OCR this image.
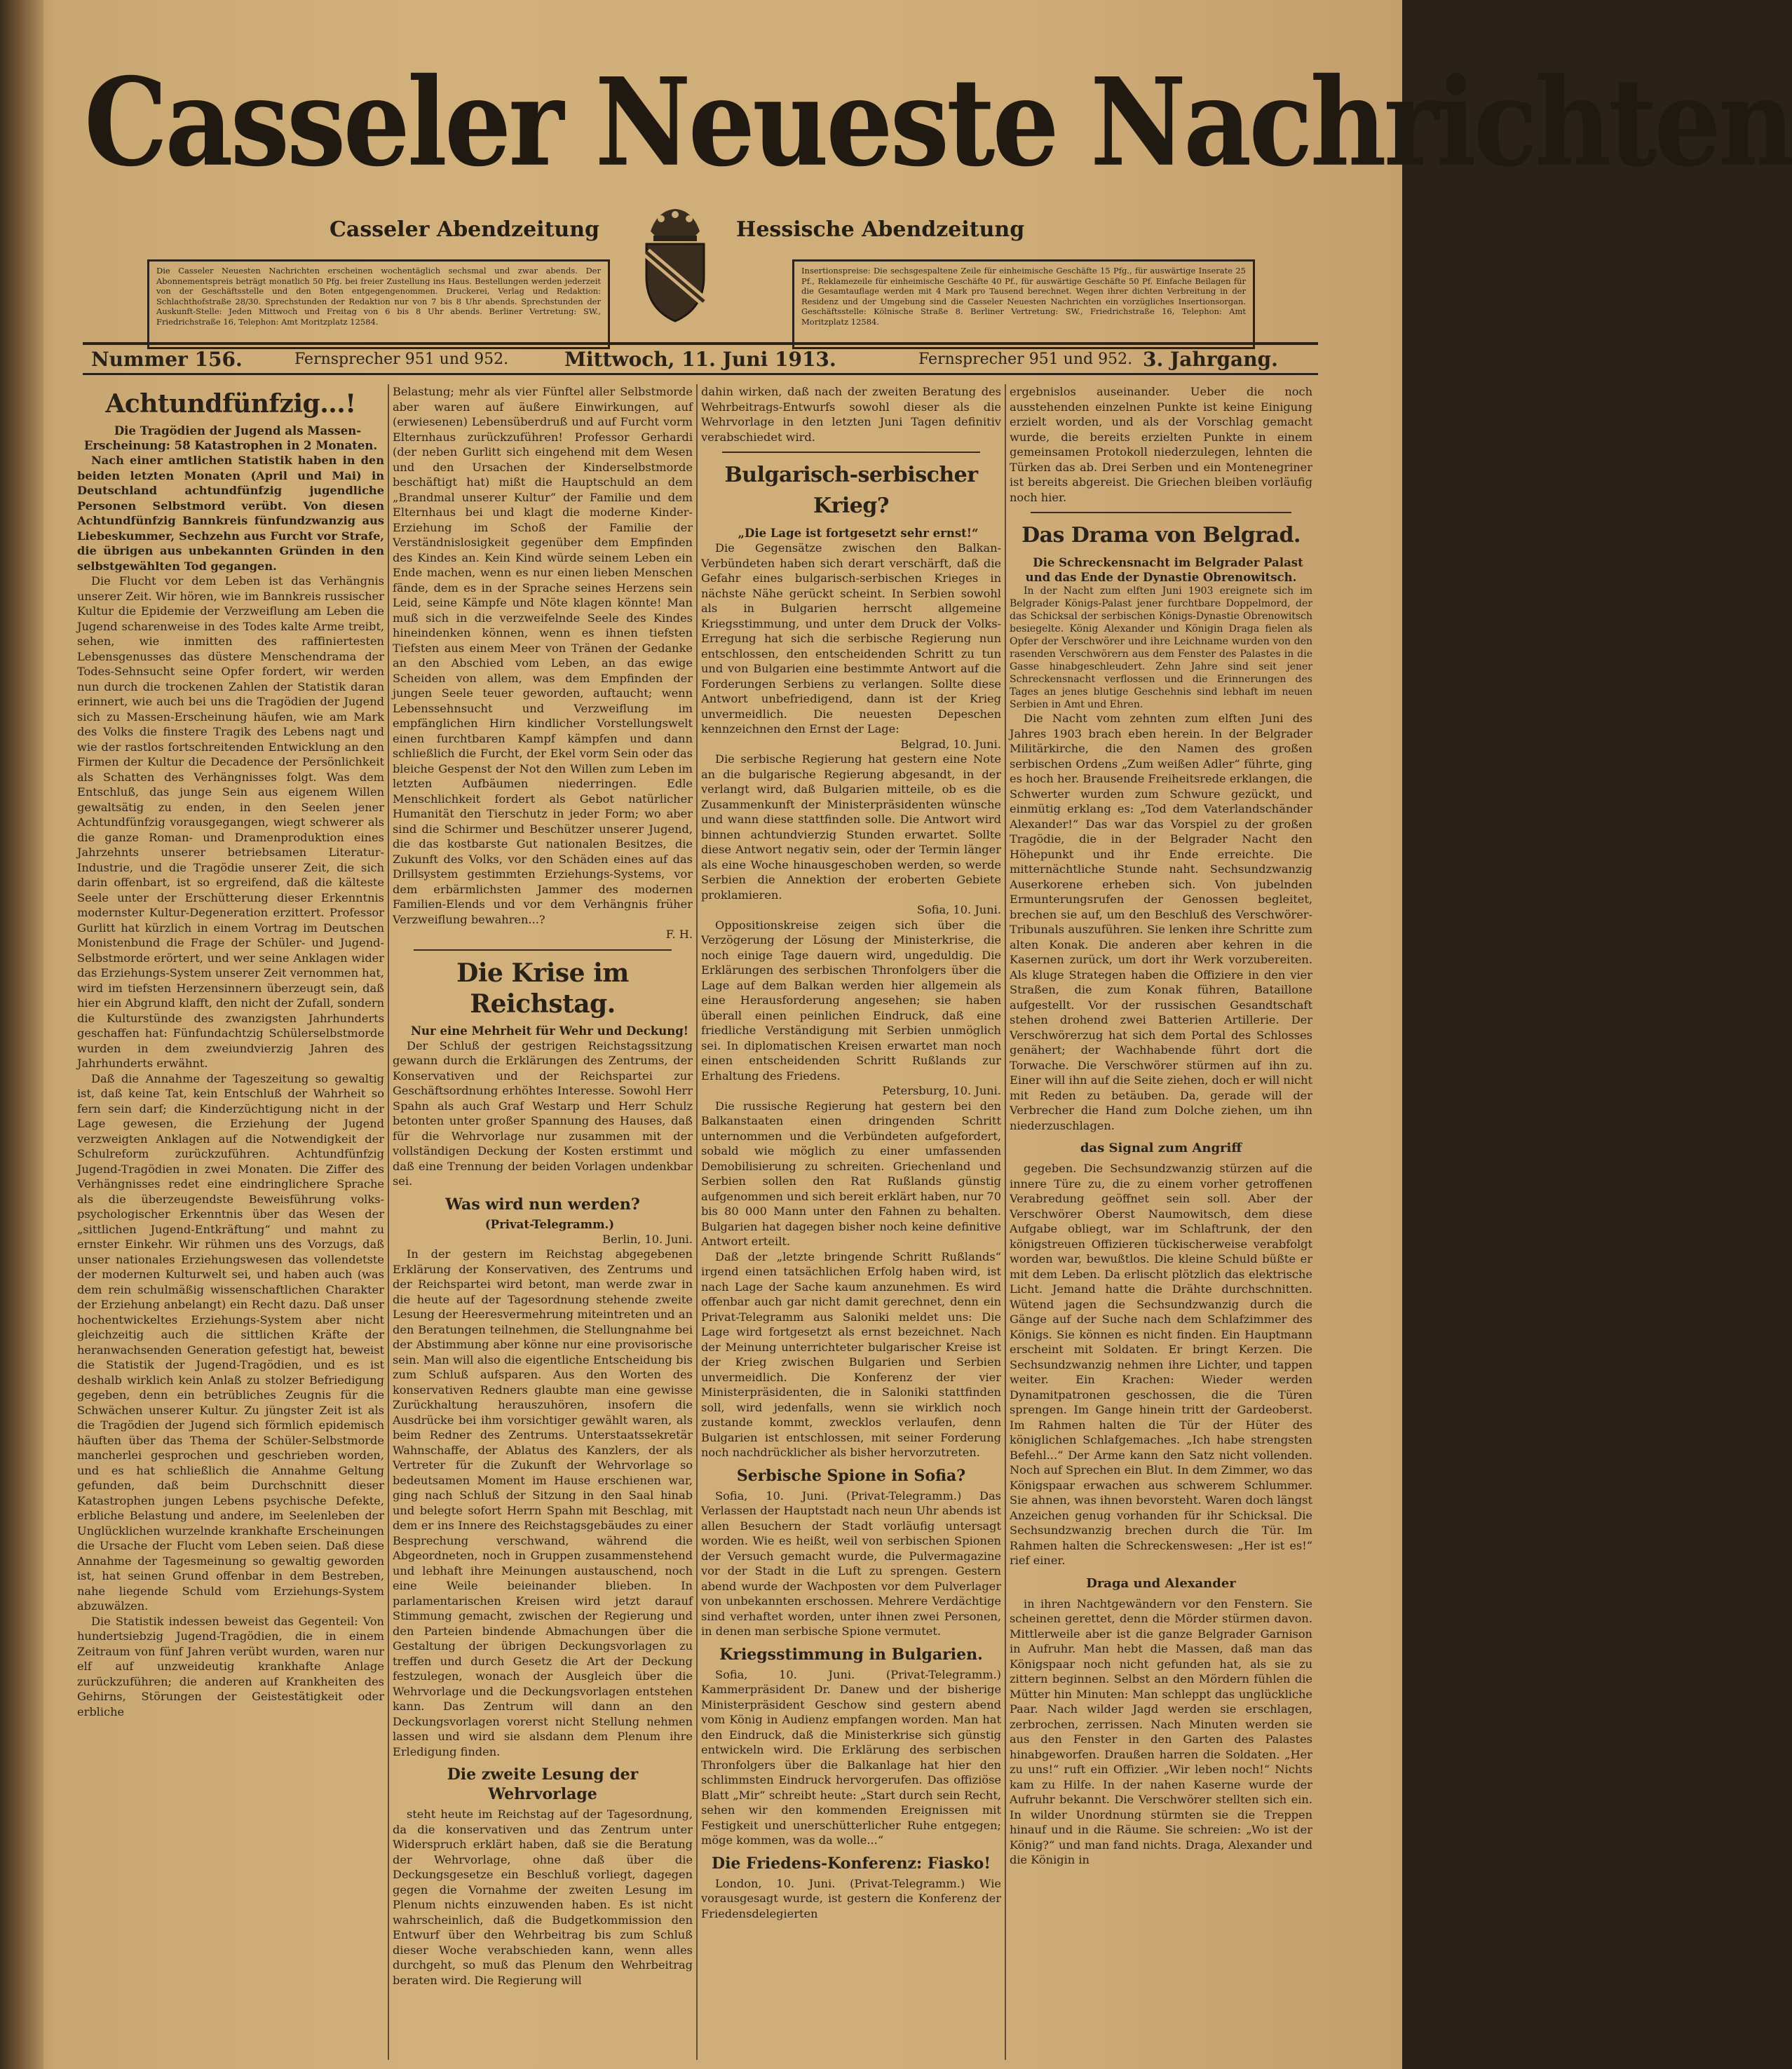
Casseler Neueste Nachrichten
Casseler Abendzeitung	Hessische Abendzeitung
Die Casseler Neuesten Nachrichten erscheinen wochentäglich sechsmal und zwar abends. Der Abonnementspreis beträgt monatlich 50 Pfg. bei freier Zustellung ins Haus. Bestellungen werden jederzeit von der Geschäftsstelle und den Boten entgegengenommen. Druckerei, Verlag und Redaktion: Schlachthofstraße 28/30. Sprechstunden der Redaktion nur von 7 bis 8 Uhr abends. Sprechstunden der Auskunft-Stelle: Jeden Mittwoch und Freitag von 6 bis 8 Uhr abends. Berliner Vertretung: SW., Friedrichstraße 16, Telephon: Amt Moritzplatz 12584.
Insertionspreise: Die sechsgespaltene Zeile für einheimische Geschäfte 15 Pfg., für auswärtige Inserate 25 Pf., Reklamezeile für einheimische Geschäfte 40 Pf., für auswärtige Geschäfte 50 Pf. Einfache Beilagen für die Gesamtauflage werden mit 4 Mark pro Tausend berechnet. Wegen ihrer dichten Verbreitung in der Residenz und der Umgebung sind die Casseler Neuesten Nachrichten ein vorzügliches Insertionsorgan. Geschäftsstelle: Kölnische Straße 8. Berliner Vertretung: SW., Friedrichstraße 16, Telephon: Amt Moritzplatz 12584.
Nummer 156.	Fernsprecher 951 und 952.	Mittwoch, 11. Juni 1913.	Fernsprecher 951 und 952. 3. Jahrgang.
Achtundfünfzig...!

Die Tragödien der Jugend als Massen-Erscheinung: 58 Katastrophen in 2 Monaten.

Nach einer amtlichen Statistik haben in den beiden letzten Monaten (April und Mai) in Deutschland achtundfünfzig jugendliche Personen Selbstmord verübt. Von diesen Achtundfünfzig Bannkreis fünfundzwanzig aus Liebeskummer, Sechzehn aus Furcht vor Strafe, die übrigen aus unbekannten Gründen in den selbstgewählten Tod gegangen.

Die Flucht vor dem Leben ist das Verhängnis unserer Zeit. Wir hören, wie im Bannkreis russischer Kultur die Epidemie der Verzweiflung am Leben die Jugend scharenweise in des Todes kalte Arme treibt, sehen, wie inmitten des raffiniertesten Lebensgenusses das düstere Menschendrama der Todes-Sehnsucht seine Opfer fordert, wir werden nun durch die trockenen Zahlen der Statistik daran erinnert, wie auch bei uns die Tragödien der Jugend sich zu Massen-Erscheinung häufen, wie am Mark des Volks die finstere Tragik des Lebens nagt und wie der rastlos fortschreitenden Entwicklung an den Firmen der Kultur die Decadence der Persönlichkeit als Schatten des Verhängnisses folgt. Was dem Entschluß, das junge Sein aus eigenem Willen gewaltsätig zu enden, in den Seelen jener Achtundfünfzig vorausgegangen, wiegt schwerer als die ganze Roman- und Dramenproduktion eines Jahrzehnts unserer betriebsamen Literatur-Industrie, und die Tragödie unserer Zeit, die sich darin offenbart, ist so ergreifend, daß die kälteste Seele unter der Erschütterung dieser Erkenntnis modernster Kultur-Degeneration erzittert. Professor Gurlitt hat kürzlich in einem Vortrag im Deutschen Monistenbund die Frage der Schüler- und Jugend-Selbstmorde erörtert, und wer seine Anklagen wider das Erziehungs-System unserer Zeit vernommen hat, wird im tiefsten Herzensinnern überzeugt sein, daß hier ein Abgrund klafft, den nicht der Zufall, sondern die Kulturstünde des zwanzigsten Jahrhunderts geschaffen hat: Fünfundachtzig Schülerselbstmorde wurden in dem zweiundvierzig Jahren des Jahrhunderts erwähnt.

Daß die Annahme der Tageszeitung so gewaltig ist, daß keine Tat, kein Entschluß der Wahrheit so fern sein darf; die Kinderzüchtigung nicht in der Lage gewesen, die Erziehung der Jugend verzweigten Anklagen auf die Notwendigkeit der Schulreform zurückzuführen. Achtundfünfzig Jugend-Tragödien in zwei Monaten. Die Ziffer des Verhängnisses redet eine eindringlichere Sprache als die überzeugendste Beweisführung volks-psychologischer Erkenntnis über das Wesen der „sittlichen Jugend-Entkräftung“ und mahnt zu ernster Einkehr. Wir rühmen uns des Vorzugs, daß unser nationales Erziehungswesen das vollendetste der modernen Kulturwelt sei, und haben auch (was dem rein schulmäßig wissenschaftlichen Charakter der Erziehung anbelangt) ein Recht dazu. Daß unser hochentwickeltes Erziehungs-System aber nicht gleichzeitig auch die sittlichen Kräfte der heranwachsenden Generation gefestigt hat, beweist die Statistik der Jugend-Tragödien, und es ist deshalb wirklich kein Anlaß zu stolzer Befriedigung gegeben, denn ein betrübliches Zeugnis für die Schwächen unserer Kultur. Zu jüngster Zeit ist als die Tragödien der Jugend sich förmlich epidemisch häuften über das Thema der Schüler-Selbstmorde mancherlei gesprochen und geschrieben worden, und es hat schließlich die Annahme Geltung gefunden, daß beim Durchschnitt dieser Katastrophen jungen Lebens psychische Defekte, erbliche Belastung und andere, im Seelenleben der Unglücklichen wurzelnde krankhafte Erscheinungen die Ursache der Flucht vom Leben seien. Daß diese Annahme der Tagesmeinung so gewaltig geworden ist, hat seinen Grund offenbar in dem Bestreben, nahe liegende Schuld vom Erziehungs-System abzuwälzen.

Die Statistik indessen beweist das Gegenteil: Von hundertsiebzig Jugend-Tragödien, die in einem Zeitraum von fünf Jahren verübt wurden, waren nur elf auf unzweideutig krankhafte Anlage zurückzuführen; die anderen auf Krankheiten des Gehirns, Störungen der Geistestätigkeit oder erbliche

Belastung; mehr als vier Fünftel aller Selbstmorde aber waren auf äußere Einwirkungen, auf (erwiesenen) Lebensüberdruß und auf Furcht vorm Elternhaus zurückzuführen! Professor Gerhardi (der neben Gurlitt sich eingehend mit dem Wesen und den Ursachen der Kinderselbstmorde beschäftigt hat) mißt die Hauptschuld an dem „Brandmal unserer Kultur“ der Familie und dem Elternhaus bei und klagt die moderne Kinder-Erziehung im Schoß der Familie der Verständnislosigkeit gegenüber dem Empfinden des Kindes an. Kein Kind würde seinem Leben ein Ende machen, wenn es nur einen lieben Menschen fände, dem es in der Sprache seines Herzens sein Leid, seine Kämpfe und Nöte klagen könnte! Man muß sich in die verzweifelnde Seele des Kindes hineindenken können, wenn es ihnen tiefsten Tiefsten aus einem Meer von Tränen der Gedanke an den Abschied vom Leben, an das ewige Scheiden von allem, was dem Empfinden der jungen Seele teuer geworden, auftaucht; wenn Lebenssehnsucht und Verzweiflung im empfänglichen Hirn kindlicher Vorstellungswelt einen furchtbaren Kampf kämpfen und dann schließlich die Furcht, der Ekel vorm Sein oder das bleiche Gespenst der Not den Willen zum Leben im letzten Aufbäumen niederringen. Edle Menschlichkeit fordert als Gebot natürlicher Humanität den Tierschutz in jeder Form; wo aber sind die Schirmer und Beschützer unserer Jugend, die das kostbarste Gut nationalen Besitzes, die Zukunft des Volks, vor den Schäden eines auf das Drillsystem gestimmten Erziehungs-Systems, vor dem erbärmlichsten Jammer des modernen Familien-Elends und vor dem Verhängnis früher Verzweiflung bewahren...?

F. H.

Die Krise im Reichstag.

Nur eine Mehrheit für Wehr und Deckung!

Der Schluß der gestrigen Reichstagssitzung gewann durch die Erklärungen des Zentrums, der Konservativen und der Reichspartei zur Geschäftsordnung erhöhtes Interesse. Sowohl Herr Spahn als auch Graf Westarp und Herr Schulz betonten unter großer Spannung des Hauses, daß für die Wehrvorlage nur zusammen mit der vollständigen Deckung der Kosten erstimmt und daß eine Trennung der beiden Vorlagen undenkbar sei.

Was wird nun werden?

(Privat-Telegramm.)

Berlin, 10. Juni.

In der gestern im Reichstag abgegebenen Erklärung der Konservativen, des Zentrums und der Reichspartei wird betont, man werde zwar in die heute auf der Tagesordnung stehende zweite Lesung der Heeresvermehrung miteintreten und an den Beratungen teilnehmen, die Stellungnahme bei der Abstimmung aber könne nur eine provisorische sein. Man will also die eigentliche Entscheidung bis zum Schluß aufsparen. Aus den Worten des konservativen Redners glaubte man eine gewisse Zurückhaltung herauszuhören, insofern die Ausdrücke bei ihm vorsichtiger gewählt waren, als beim Redner des Zentrums. Unterstaatssekretär Wahnschaffe, der Ablatus des Kanzlers, der als Vertreter für die Zukunft der Wehrvorlage so bedeutsamen Moment im Hause erschienen war, ging nach Schluß der Sitzung in den Saal hinab und belegte sofort Herrn Spahn mit Beschlag, mit dem er ins Innere des Reichstagsgebäudes zu einer Besprechung verschwand, während die Abgeordneten, noch in Gruppen zusammenstehend und lebhaft ihre Meinungen austauschend, noch eine Weile beieinander blieben. In parlamentarischen Kreisen wird jetzt darauf Stimmung gemacht, zwischen der Regierung und den Parteien bindende Abmachungen über die Gestaltung der übrigen Deckungsvorlagen zu treffen und durch Gesetz die Art der Deckung festzulegen, wonach der Ausgleich über die Wehrvorlage und die Deckungsvorlagen entstehen kann. Das Zentrum will dann an den Deckungsvorlagen vorerst nicht Stellung nehmen lassen und wird sie alsdann dem Plenum ihre Erledigung finden.

Die zweite Lesung der Wehrvorlage

steht heute im Reichstag auf der Tagesordnung, da die konservativen und das Zentrum unter Widerspruch erklärt haben, daß sie die Beratung der Wehrvorlage, ohne daß über die Deckungsgesetze ein Beschluß vorliegt, dagegen gegen die Vornahme der zweiten Lesung im Plenum nichts einzuwenden haben. Es ist nicht wahrscheinlich, daß die Budgetkommission den Entwurf über den Wehrbeitrag bis zum Schluß dieser Woche verabschieden kann, wenn alles durchgeht, so muß das Plenum den Wehrbeitrag beraten wird. Die Regierung will

dahin wirken, daß nach der zweiten Beratung des Wehrbeitrags-Entwurfs sowohl dieser als die Wehrvorlage in den letzten Juni Tagen definitiv verabschiedet wird.

Bulgarisch-serbischer Krieg?

„Die Lage ist fortgesetzt sehr ernst!“

Die Gegensätze zwischen den Balkan-Verbündeten haben sich derart verschärft, daß die Gefahr eines bulgarisch-serbischen Krieges in nächste Nähe gerückt scheint. In Serbien sowohl als in Bulgarien herrscht allgemeine Kriegsstimmung, und unter dem Druck der Volks-Erregung hat sich die serbische Regierung nun entschlossen, den entscheidenden Schritt zu tun und von Bulgarien eine bestimmte Antwort auf die Forderungen Serbiens zu verlangen. Sollte diese Antwort unbefriedigend, dann ist der Krieg unvermeidlich. Die neuesten Depeschen kennzeichnen den Ernst der Lage:

Belgrad, 10. Juni.

Die serbische Regierung hat gestern eine Note an die bulgarische Regierung abgesandt, in der verlangt wird, daß Bulgarien mitteile, ob es die Zusammenkunft der Ministerpräsidenten wünsche und wann diese stattfinden solle. Die Antwort wird binnen achtundvierzig Stunden erwartet. Sollte diese Antwort negativ sein, oder der Termin länger als eine Woche hinausgeschoben werden, so werde Serbien die Annektion der eroberten Gebiete proklamieren.

Sofia, 10. Juni.

Oppositionskreise zeigen sich über die Verzögerung der Lösung der Ministerkrise, die noch einige Tage dauern wird, ungeduldig. Die Erklärungen des serbischen Thronfolgers über die Lage auf dem Balkan werden hier allgemein als eine Herausforderung angesehen; sie haben überall einen peinlichen Eindruck, daß eine friedliche Verständigung mit Serbien unmöglich sei. In diplomatischen Kreisen erwartet man noch einen entscheidenden Schritt Rußlands zur Erhaltung des Friedens.

Petersburg, 10. Juni.

Die russische Regierung hat gestern bei den Balkanstaaten einen dringenden Schritt unternommen und die Verbündeten aufgefordert, sobald wie möglich zu einer umfassenden Demobilisierung zu schreiten. Griechenland und Serbien sollen den Rat Rußlands günstig aufgenommen und sich bereit erklärt haben, nur 70 bis 80 000 Mann unter den Fahnen zu behalten. Bulgarien hat dagegen bisher noch keine definitive Antwort erteilt.

Daß der „letzte bringende Schritt Rußlands“ irgend einen tatsächlichen Erfolg haben wird, ist nach Lage der Sache kaum anzunehmen. Es wird offenbar auch gar nicht damit gerechnet, denn ein Privat-Telegramm aus Saloniki meldet uns: Die Lage wird fortgesetzt als ernst bezeichnet. Nach der Meinung unterrichteter bulgarischer Kreise ist der Krieg zwischen Bulgarien und Serbien unvermeidlich. Die Konferenz der vier Ministerpräsidenten, die in Saloniki stattfinden soll, wird jedenfalls, wenn sie wirklich noch zustande kommt, zwecklos verlaufen, denn Bulgarien ist entschlossen, mit seiner Forderung noch nachdrücklicher als bisher hervorzutreten.

Serbische Spione in Sofia?

Sofia, 10. Juni. (Privat-Telegramm.) Das Verlassen der Hauptstadt nach neun Uhr abends ist allen Besuchern der Stadt vorläufig untersagt worden. Wie es heißt, weil von serbischen Spionen der Versuch gemacht wurde, die Pulvermagazine vor der Stadt in die Luft zu sprengen. Gestern abend wurde der Wachposten vor dem Pulverlager von unbekannten erschossen. Mehrere Verdächtige sind verhaftet worden, unter ihnen zwei Personen, in denen man serbische Spione vermutet.

Kriegsstimmung in Bulgarien.

Sofia, 10. Juni. (Privat-Telegramm.) Kammerpräsident Dr. Danew und der bisherige Ministerpräsident Geschow sind gestern abend vom König in Audienz empfangen worden. Man hat den Eindruck, daß die Ministerkrise sich günstig entwickeln wird. Die Erklärung des serbischen Thronfolgers über die Balkanlage hat hier den schlimmsten Eindruck hervorgerufen. Das offiziöse Blatt „Mir“ schreibt heute: „Start durch sein Recht, sehen wir den kommenden Ereignissen mit Festigkeit und unerschütterlicher Ruhe entgegen; möge kommen, was da wolle...“

Die Friedens-Konferenz: Fiasko!

London, 10. Juni. (Privat-Telegramm.) Wie vorausgesagt wurde, ist gestern die Konferenz der Friedensdelegierten

ergebnislos auseinander. Ueber die noch ausstehenden einzelnen Punkte ist keine Einigung erzielt worden, und als der Vorschlag gemacht wurde, die bereits erzielten Punkte in einem gemeinsamen Protokoll niederzulegen, lehnten die Türken das ab. Drei Serben und ein Montenegriner ist bereits abgereist. Die Griechen bleiben vorläufig noch hier.

Das Drama von Belgrad.

Die Schreckensnacht im Belgrader Palast und das Ende der Dynastie Obrenowitsch.

In der Nacht zum elften Juni 1903 ereignete sich im Belgrader Königs-Palast jener furchtbare Doppelmord, der das Schicksal der serbischen Königs-Dynastie Obrenowitsch besiegelte. König Alexander und Königin Draga fielen als Opfer der Verschwörer und ihre Leichname wurden von den rasenden Verschwörern aus dem Fenster des Palastes in die Gasse hinabgeschleudert. Zehn Jahre sind seit jener Schreckensnacht verflossen und die Erinnerungen des Tages an jenes blutige Geschehnis sind lebhaft im neuen Serbien in Amt und Ehren.

Die Nacht vom zehnten zum elften Juni des Jahres 1903 brach eben herein. In der Belgrader Militärkirche, die den Namen des großen serbischen Ordens „Zum weißen Adler“ führte, ging es hoch her. Brausende Freiheitsrede erklangen, die Schwerter wurden zum Schwure gezückt, und einmütig erklang es: „Tod dem Vaterlandschänder Alexander!“ Das war das Vorspiel zu der großen Tragödie, die in der Belgrader Nacht den Höhepunkt und ihr Ende erreichte. Die mitternächtliche Stunde naht. Sechsundzwanzig Auserkorene erheben sich. Von jubelnden Ermunterungsrufen der Genossen begleitet, brechen sie auf, um den Beschluß des Verschwörer-Tribunals auszuführen. Sie lenken ihre Schritte zum alten Konak. Die anderen aber kehren in die Kasernen zurück, um dort ihr Werk vorzubereiten. Als kluge Strategen haben die Offiziere in den vier Straßen, die zum Konak führen, Bataillone aufgestellt. Vor der russischen Gesandtschaft stehen drohend zwei Batterien Artillerie. Der Verschwörerzug hat sich dem Portal des Schlosses genähert; der Wachhabende führt dort die Torwache. Die Verschwörer stürmen auf ihn zu. Einer will ihn auf die Seite ziehen, doch er will nicht mit Reden zu betäuben. Da, gerade will der Verbrecher die Hand zum Dolche ziehen, um ihn niederzuschlagen.

das Signal zum Angriff

gegeben. Die Sechsundzwanzig stürzen auf die innere Türe zu, die zu einem vorher getroffenen Verabredung geöffnet sein soll. Aber der Verschwörer Oberst Naumowitsch, dem diese Aufgabe obliegt, war im Schlaftrunk, der den königstreuen Offizieren tückischerweise verabfolgt worden war, bewußtlos. Die kleine Schuld büßte er mit dem Leben. Da erlischt plötzlich das elektrische Licht. Jemand hatte die Drähte durchschnitten. Wütend jagen die Sechsundzwanzig durch die Gänge auf der Suche nach dem Schlafzimmer des Königs. Sie können es nicht finden. Ein Hauptmann erscheint mit Soldaten. Er bringt Kerzen. Die Sechsundzwanzig nehmen ihre Lichter, und tappen weiter. Ein Krachen: Wieder werden Dynamitpatronen geschossen, die die Türen sprengen. Im Gange hinein tritt der Gardeoberst. Im Rahmen halten die Tür der Hüter des königlichen Schlafgemaches. „Ich habe strengsten Befehl...“ Der Arme kann den Satz nicht vollenden. Noch auf Sprechen ein Blut. In dem Zimmer, wo das Königspaar erwachen aus schwerem Schlummer. Sie ahnen, was ihnen bevorsteht. Waren doch längst Anzeichen genug vorhanden für ihr Schicksal. Die Sechsundzwanzig brechen durch die Tür. Im Rahmen halten die Schreckenswesen: „Her ist es!“ rief einer.

Draga und Alexander

in ihren Nachtgewändern vor den Fenstern. Sie scheinen gerettet, denn die Mörder stürmen davon. Mittlerweile aber ist die ganze Belgrader Garnison in Aufruhr. Man hebt die Massen, daß man das Königspaar noch nicht gefunden hat, als sie zu zittern beginnen. Selbst an den Mördern fühlen die Mütter hin Minuten: Man schleppt das unglückliche Paar. Nach wilder Jagd werden sie erschlagen, zerbrochen, zerrissen. Nach Minuten werden sie aus den Fenster in den Garten des Palastes hinabgeworfen. Draußen harren die Soldaten. „Her zu uns!“ ruft ein Offizier. „Wir leben noch!“ Nichts kam zu Hilfe. In der nahen Kaserne wurde der Aufruhr bekannt. Die Verschwörer stellten sich ein. In wilder Unordnung stürmten sie die Treppen hinauf und in die Räume. Sie schreien: „Wo ist der König?“ und man fand nichts. Draga, Alexander und die Königin in
